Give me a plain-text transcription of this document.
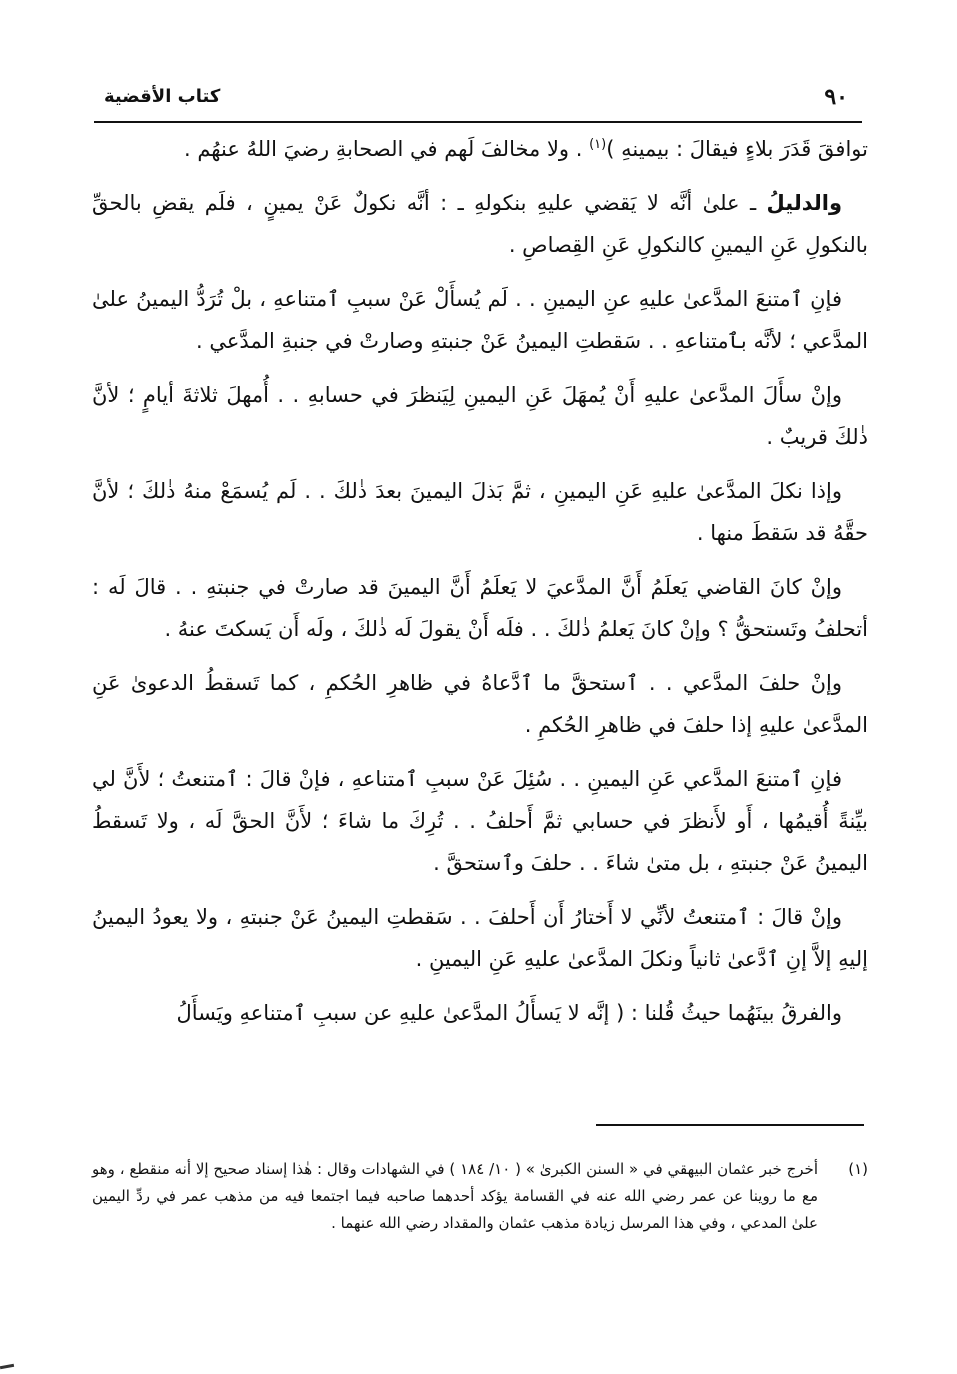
٩٠
كتاب الأقضية

توافقَ قَدَرَ بلاءٍ فيقالَ : بيمينهِ )$^{(١)}$ . ولا مخالفَ لَهم في الصحابةِ رضيَ اللهُ عنهُم .

والدليلُ ـ علىٰ أنَّه لا يَقضي عليهِ بنكولهِ ـ : أنَّه نكولٌ عَنْ يمينٍ ، فلَم يقضِ بالحقِّ بالنكولِ عَنِ اليمينِ كالنكولِ عَنِ القِصاصِ .

فإنِ ٱمتنعَ المدَّعىٰ عليهِ عنِ اليمينِ . . لَم يُسأَلْ عَنْ سببِ ٱمتناعهِ ، بلْ تُرَدُّ اليمينُ علىٰ المدَّعي ؛ لأنَّه بٱمتناعهِ . . سَقطتِ اليمينُ عَنْ جنبتهِ وصارتْ في جنبةِ المدَّعي .

وإنْ سأَلَ المدَّعىٰ عليهِ أَنْ يُمهَلَ عَنِ اليمينِ لِيَنظرَ في حسابهِ . . أُمهلَ ثلاثةَ أيامٍ ؛ لأنَّ ذٰلكَ قريبٌ .

وإذا نكلَ المدَّعىٰ عليهِ عَنِ اليمينِ ، ثمَّ بَذلَ اليمينَ بعدَ ذٰلكَ . . لَم يُسمَعْ منهُ ذٰلكَ ؛ لأنَّ حقَّهُ قد سَقطَ منها .

وإنْ كانَ القاضي يَعلَمُ أَنَّ المدَّعيَ لا يَعلَمُ أَنَّ اليمينَ قد صارتْ في جنبتهِ . . قالَ لَه : أتحلفُ وتَستحقُّ ؟ وإنْ كانَ يَعلمُ ذٰلكَ . . فلَه أَنْ يقولَ لَه ذٰلكَ ، ولَه أَن يَسكتَ عنهُ .

وإنْ حلفَ المدَّعي . . ٱستحقَّ ما ٱدَّعاهُ في ظاهرِ الحُكمِ ، كما تَسقطُ الدعوىٰ عَنِ المدَّعىٰ عليهِ إذا حلفَ في ظاهرِ الحُكمِ .

فإنِ ٱمتنعَ المدَّعي عَنِ اليمينِ . . سُئِلَ عَنْ سببِ ٱمتناعهِ ، فإنْ قالَ : ٱمتنعتُ ؛ لأَنَّ لي بيِّنةً أُقيمُها ، أَو لأَنظرَ في حسابي ثمَّ أَحلفُ . . تُرِكَ ما شاءَ ؛ لأَنَّ الحقَّ لَه ، ولا تَسقطُ اليمينُ عَنْ جنبتهِ ، بل متىٰ شاءَ . . حلفَ وٱستحقَّ .

وإنْ قالَ : ٱمتنعتُ لأنِّي لا أَختارُ أَن أَحلفَ . . سَقطتِ اليمينُ عَنْ جنبتهِ ، ولا يعودُ اليمينُ إليهِ إلاَّ إنِ ٱدَّعىٰ ثانياً ونكلَ المدَّعىٰ عليهِ عَنِ اليمينِ .

والفرقُ بينَهُما حيثُ قُلنا : ( إنَّه لا يَسأَلُ المدَّعىٰ عليهِ عن سببِ ٱمتناعهِ ويَسأَلُ

(١)
أخرج خبر عثمان البيهقي في « السنن الكبرىٰ » ( ١٠/ ١٨٤ ) في الشهادات وقال : هٰذا إسناد صحيح إلا أنه منقطع ، وهو مع ما روينا عن عمر رضي الله عنه في القسامة يؤكد أحدهما صاحبه فيما اجتمعا فيه من مذهب عمر في ردِّ اليمين علىٰ المدعي ، وفي هذا المرسل زيادة مذهب عثمان والمقداد رضي الله عنهما .
